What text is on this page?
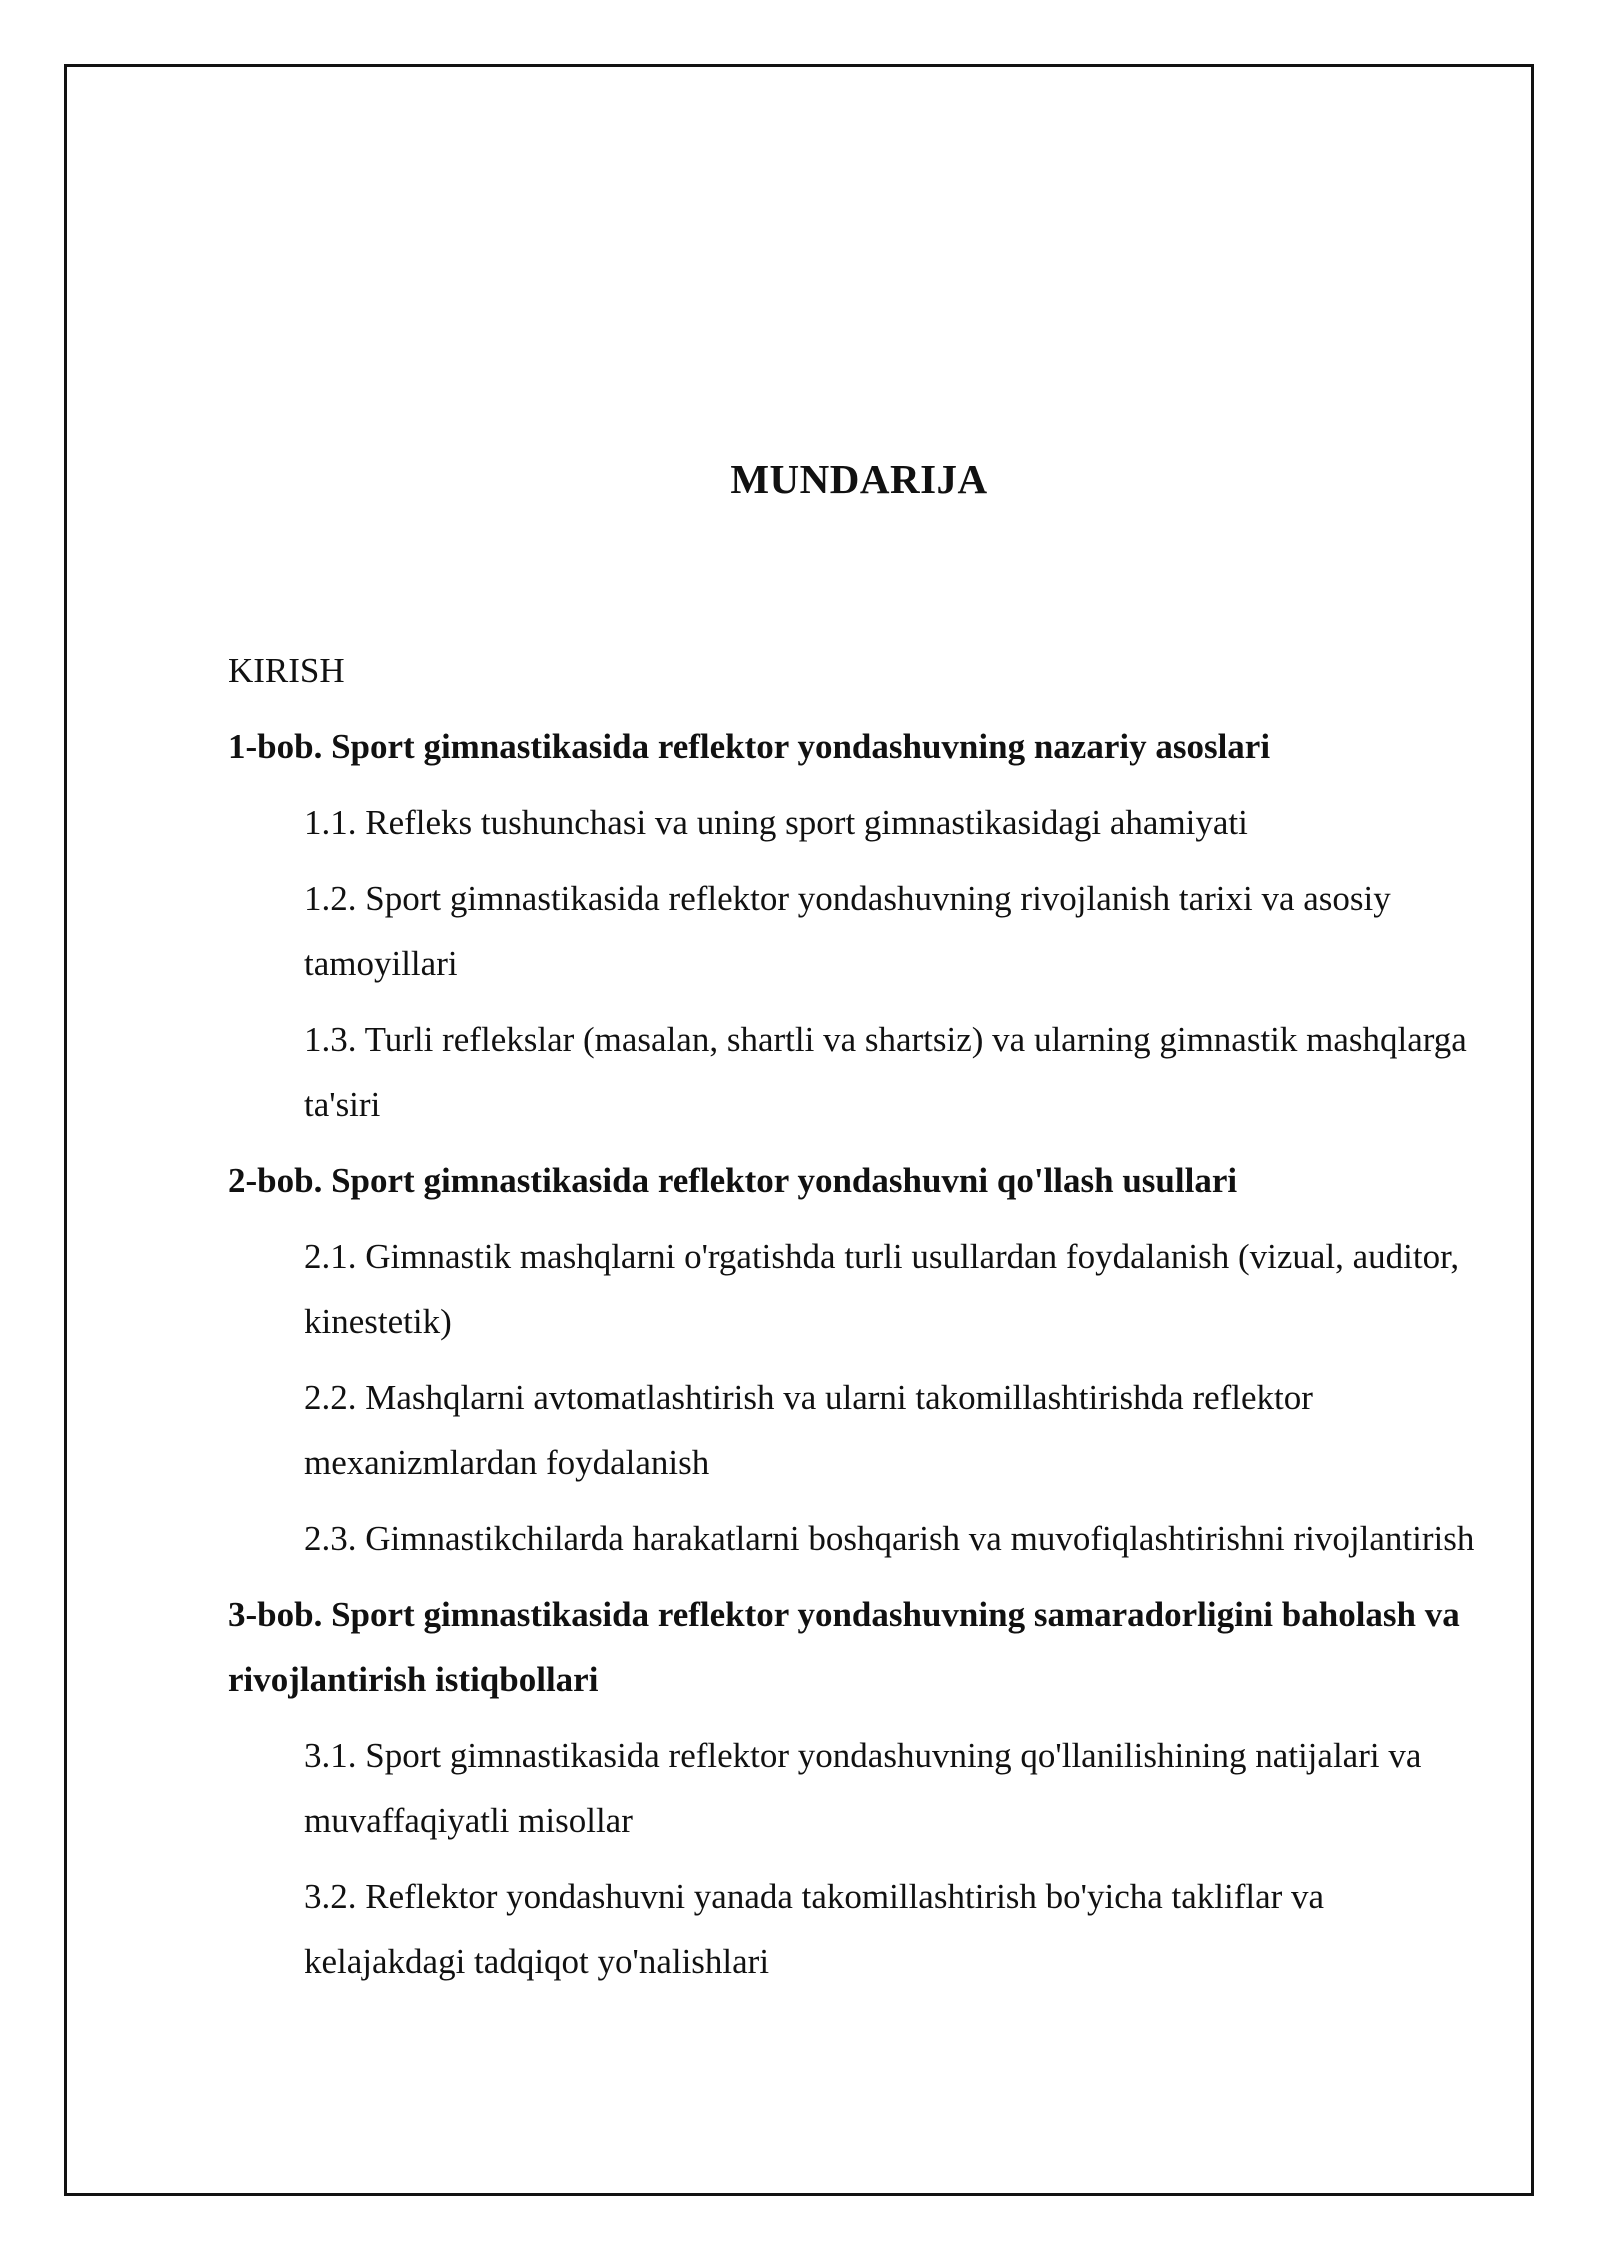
MUNDARIJA
KIRISH
1-bob. Sport gimnastikasida reflektor yondashuvning nazariy asoslari
1.1. Refleks tushunchasi va uning sport gimnastikasidagi ahamiyati
1.2. Sport gimnastikasida reflektor yondashuvning rivojlanish tarixi va asosiy tamoyillari
1.3. Turli reflekslar (masalan, shartli va shartsiz) va ularning gimnastik mashqlarga ta'siri
2-bob. Sport gimnastikasida reflektor yondashuvni qo'llash usullari
2.1. Gimnastik mashqlarni o'rgatishda turli usullardan foydalanish (vizual, auditor, kinestetik)
2.2. Mashqlarni avtomatlashtirish va ularni takomillashtirishda reflektor mexanizmlardan foydalanish
2.3. Gimnastikchilarda harakatlarni boshqarish va muvofiqlashtirishni rivojlantirish
3-bob. Sport gimnastikasida reflektor yondashuvning samaradorligini baholash va rivojlantirish istiqbollari
3.1. Sport gimnastikasida reflektor yondashuvning qo'llanilishining natijalari va muvaffaqiyatli misollar
3.2. Reflektor yondashuvni yanada takomillashtirish bo'yicha takliflar va kelajakdagi tadqiqot yo'nalishlari
